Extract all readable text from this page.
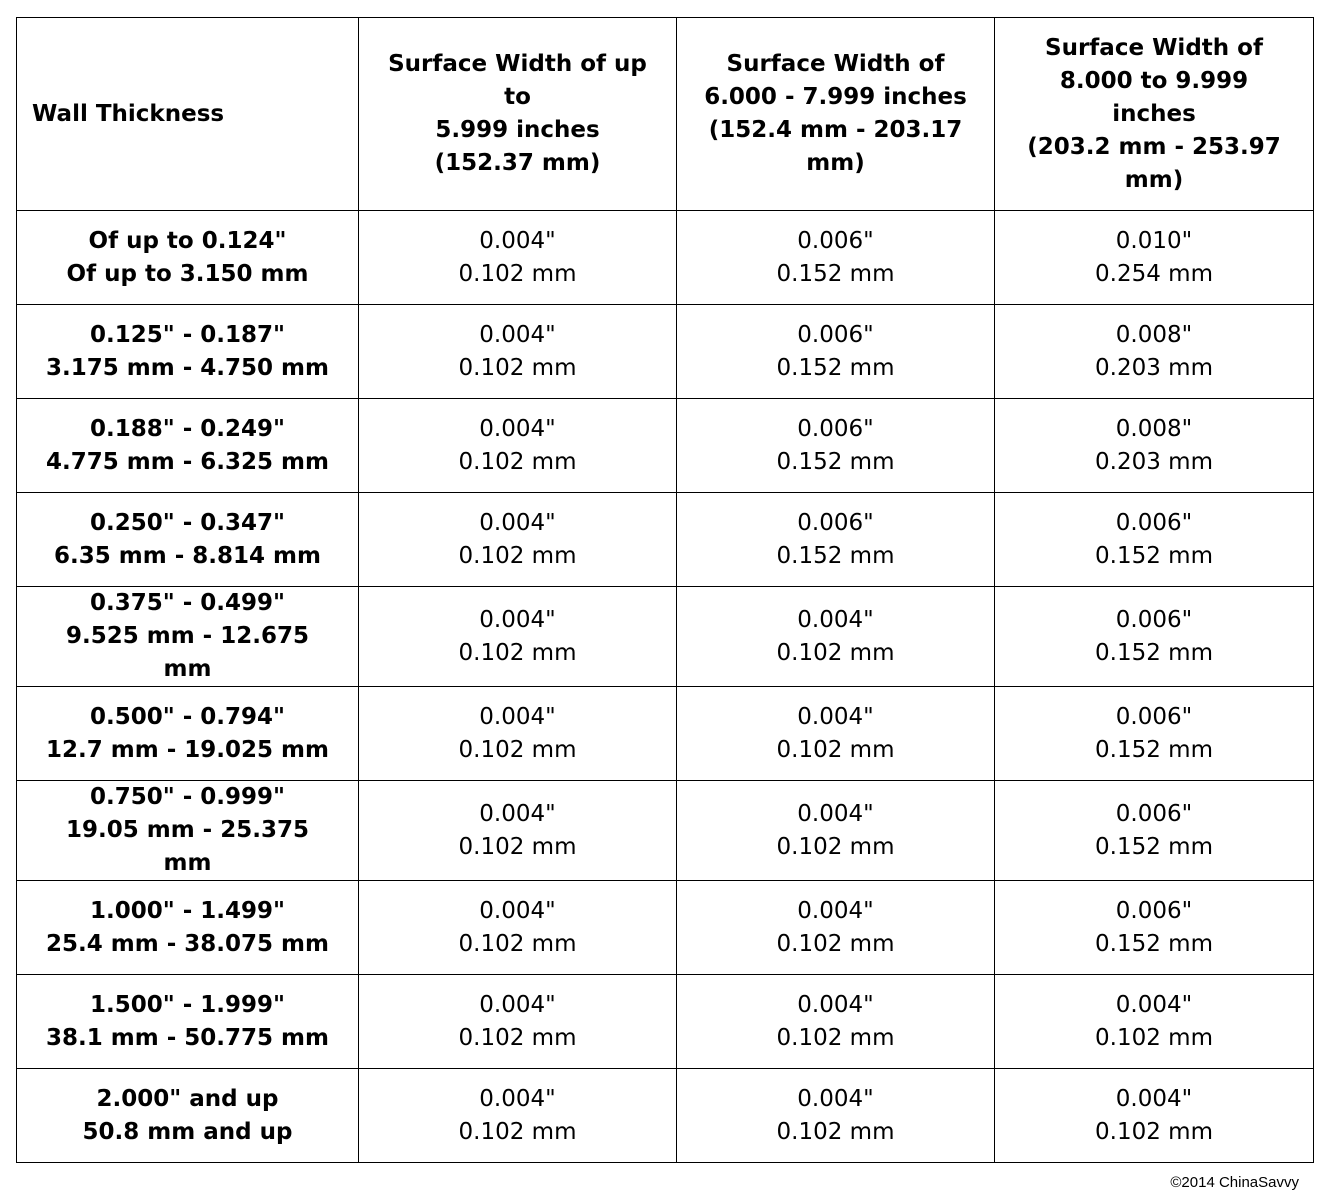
Wall Thickness	Surface Width of up
to
5.999 inches
(152.37 mm)	Surface Width of
6.000 - 7.999 inches
(152.4 mm - 203.17
mm)	Surface Width of
8.000 to 9.999
inches
(203.2 mm - 253.97
mm)

Of up to 0.124"
Of up to 3.150 mm	0.004"
0.102 mm	0.006"
0.152 mm	0.010"
0.254 mm

0.125" - 0.187"
3.175 mm - 4.750 mm	0.004"
0.102 mm	0.006"
0.152 mm	0.008"
0.203 mm

0.188" - 0.249"
4.775 mm - 6.325 mm	0.004"
0.102 mm	0.006"
0.152 mm	0.008"
0.203 mm

0.250" - 0.347"
6.35 mm - 8.814 mm	0.004"
0.102 mm	0.006"
0.152 mm	0.006"
0.152 mm

0.375" - 0.499"
9.525 mm - 12.675
mm	0.004"
0.102 mm	0.004"
0.102 mm	0.006"
0.152 mm

0.500" - 0.794"
12.7 mm - 19.025 mm	0.004"
0.102 mm	0.004"
0.102 mm	0.006"
0.152 mm

0.750" - 0.999"
19.05 mm - 25.375
mm	0.004"
0.102 mm	0.004"
0.102 mm	0.006"
0.152 mm

1.000" - 1.499"
25.4 mm - 38.075 mm	0.004"
0.102 mm	0.004"
0.102 mm	0.006"
0.152 mm

1.500" - 1.999"
38.1 mm - 50.775 mm	0.004"
0.102 mm	0.004"
0.102 mm	0.004"
0.102 mm

2.000" and up
50.8 mm and up	0.004"
0.102 mm	0.004"
0.102 mm	0.004"
0.102 mm
©2014 ChinaSavvy
